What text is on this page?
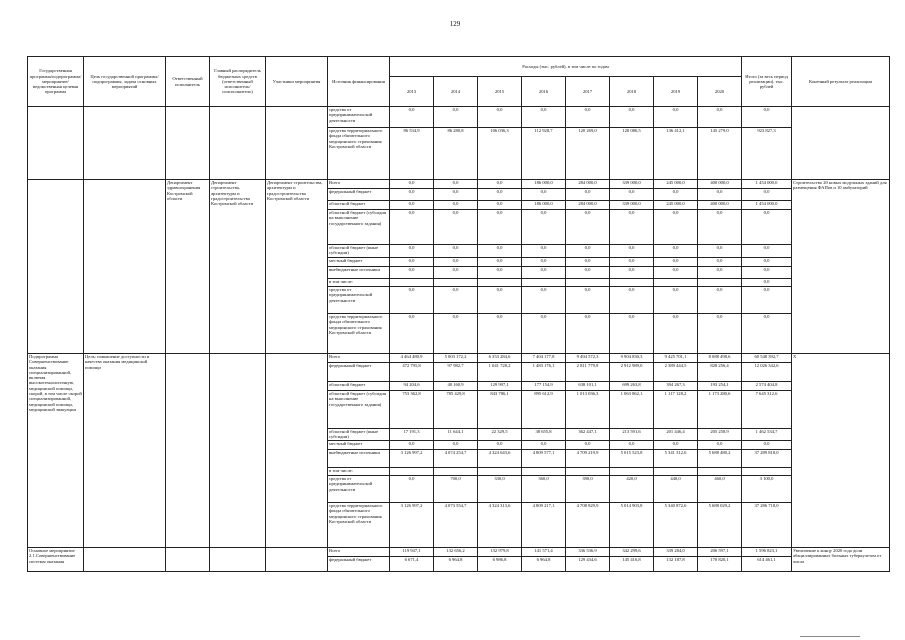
129
Государственная программа/подпрограмма/ мероприятие/ ведомственная целевая программа	Цель государственной программы/подпрограммы, задача основных мероприятий	Ответственный исполнитель	Главный распорядитель бюджетных средств (ответственный исполнитель/ соисполнитель)	Участники мероприятия	Источник финансирования	Расходы (тыс. рублей), в том числе по годам								Итого (за весь период реализации), тыс. рублей	Конечный результат реализации
						2013	2014	2015	2016	2017	2018	2019	2020		
					средства от предпринимательской деятельности	0,0	0,0	0,0	0,0	0,0	0,0	0,0	0,0	0,0	
					средства территориального фонда обязательного медицинского страхования Костромской области	86 534,9	86 280,8	106 036,3	112 928,7	120 269,0	128 086,5	136 412,1	145 279,0	923 827,3	
		Департамент здравоохранения Костромской области	Департамент строительства, архитектуры и градостроительства Костромской области	Департамент строительства, архитектуры и градостроительства Костромской области	Всего	0,0	0,0	0,0	186 000,0	284 000,0	339 000,0	245 000,0	400 000,0	1 454 000,0	Строительство 20 новых модульных зданий для размещения ФАПов и 10 амбулаторий
					федеральный бюджет	0,0	0,0	0,0	0,0	0,0	0,0	0,0	0,0	0,0	
					областной бюджет	0,0	0,0	0,0	186 000,0	284 000,0	339 000,0	245 000,0	400 000,0	1 454 000,0	
					областной бюджет (субсидия на выполнение государственного задания)	0,0	0,0	0,0	0,0	0,0	0,0	0,0	0,0	0,0	
					областной бюджет (иные субсидии)	0,0	0,0	0,0	0,0	0,0	0,0	0,0	0,0	0,0	
					местный бюджет	0,0	0,0	0,0	0,0	0,0	0,0	0,0	0,0	0,0	
					внебюджетные источники	0,0	0,0	0,0	0,0	0,0	0,0	0,0	0,0	0,0	
					в том числе:									0,0	
					средства от предпринимательской деятельности	0,0	0,0	0,0	0,0	0,0	0,0	0,0	0,0	0,0	
					средства территориального фонда обязательного медицинского страхования Костромской области	0,0	0,0	0,0	0,0	0,0	0,0	0,0	0,0	0,0	
Подпрограмма Совершенствование оказания специализированной, включая высокотехнологичную, медицинской помощи, скорой, в том числе скорой специализированной, медицинской помощи, медицинской эвакуации	Цель: повышение доступности и качества оказания медицинской помощи				Всего	4 464 480,9	5 003 172,2	6 353 284,6	7 404 177,8	9 494 572,3	9 904 830,3	9 425 701,1	8 088 498,6	60 548 392,7	Х
					федеральный бюджет	472 795,8	97 982,7	1 041 728,2	1 483 176,1	2 811 779,9	2 912 989,0	2 389 444,5	828 256,4	12 026 342,6	
					областной бюджет	94 204,6	40 160,9	129 997,1	177 154,9	638 101,1	699 263,8	394 267,3	193 254,1	2 574 404,8	
					областной бюджет (субсидия на выполнение государственного задания)	753 362,8	785 429,8	843 786,1	895 612,9	1 013 036,3	1 063 862,1	1 117 128,2	1 173 280,6	7 645 312,6	
					областной бюджет (иные субсидии)	17 191,3	11 644,1	22 329,5	38 655,8	362 447,1	213 591,6	201 446,4	205 258,9	1 462 534,7	
					местный бюджет	0,0	0,0	0,0	0,0	0,0	0,0	0,0	0,0	0,0	
					внебюджетные источники	3 126 997,2	4 074 254,7	4 324 643,6	4 809 577,1	4 709 219,9	5 015 523,8	5 341 312,6	5 688 480,2	37 289 818,0	
					в том числе:										
					средства от предпринимательской деятельности	0,0	700,0	330,0	360,0	390,0	420,0	440,0	460,0	3 100,0	
					средства территориального фонда обязательного медицинского страхования Костромской области	3 126 997,2	4 073 554,7	4 324 313,6	4 809 217,1	4 708 829,9	5 014 903,8	5 340 872,6	5 688 029,2	37 286 718,0	
Основное мероприятие 2.1.Совершенствование системы оказания					Всего	119 947,1	132 656,2	132 979,8	141 571,4	336 536,9	342 299,6	339 284,0	206 597,1	1 596 823,1	Увеличение к концу 2020 года доли абациллированных больных туберкулезом от числа
					федеральный бюджет	6 671,4	6 964,8	6 986,8	6 964,8	129 434,6	145 416,8	132 187,8	170 820,1	614 461,1	
